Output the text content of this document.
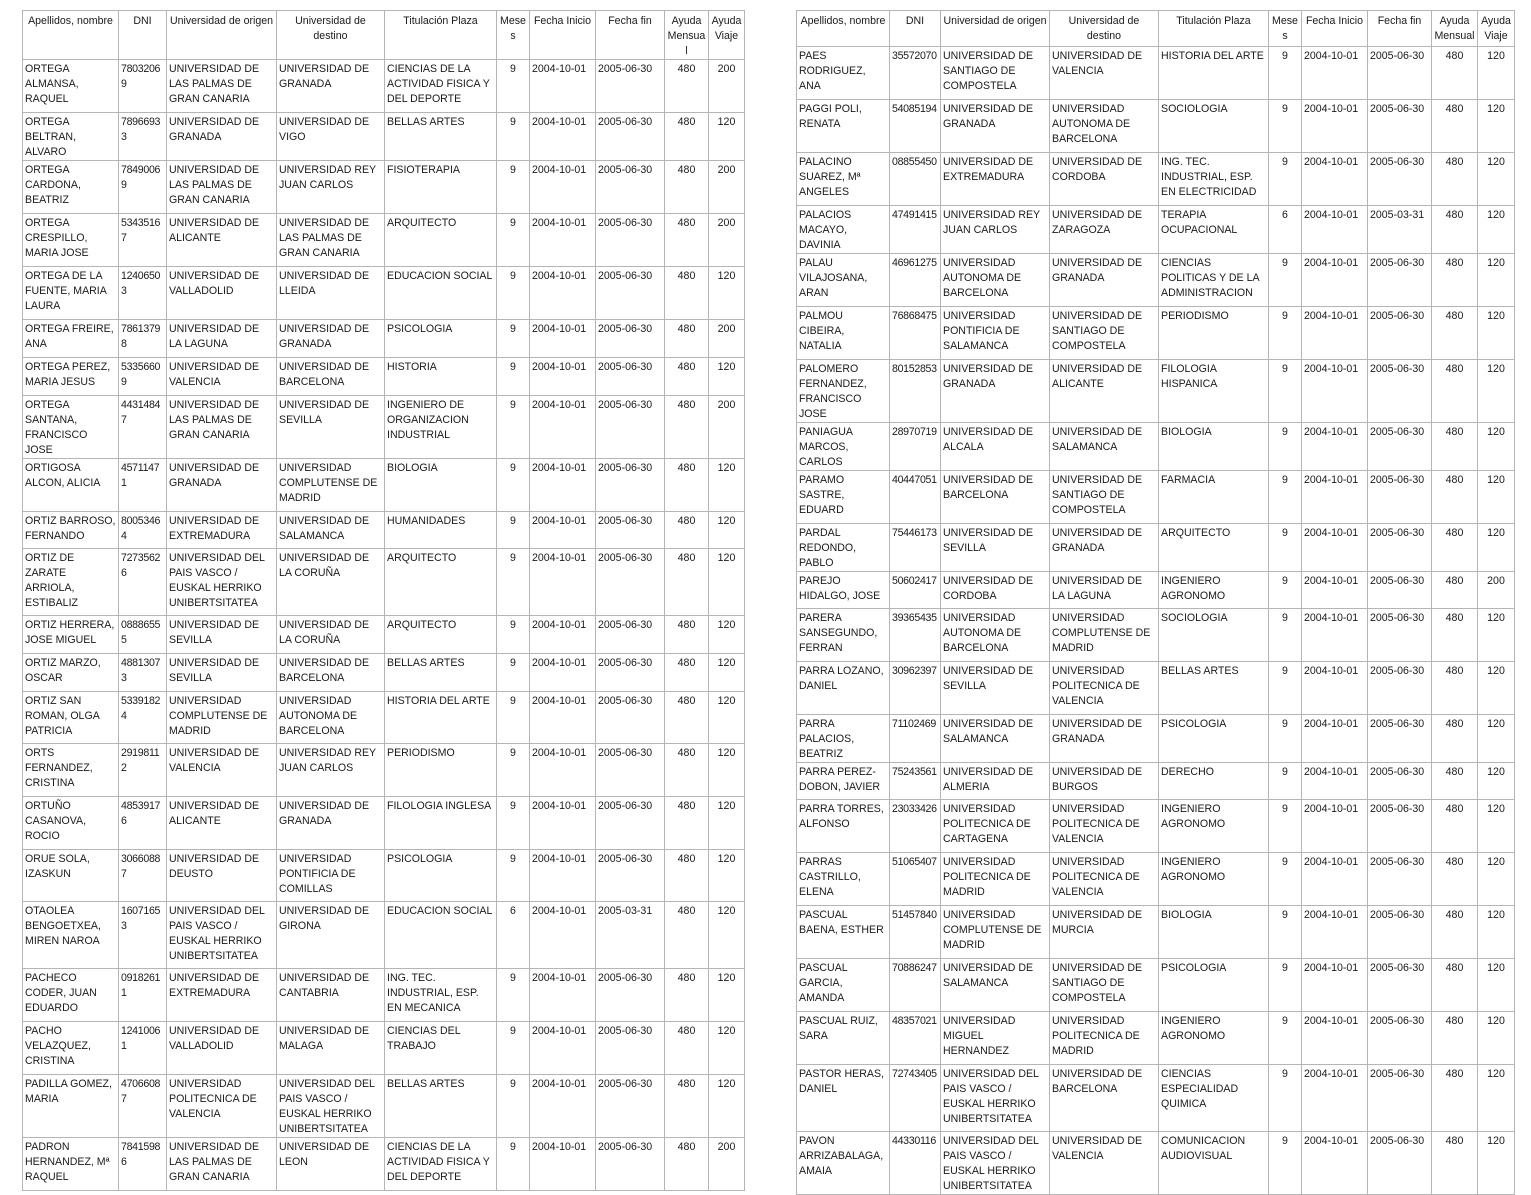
Apellidos, nombre	DNI	Universidad de origen	Universidad de destino	Titulación Plaza	Meses	Fecha Inicio	Fecha fin	Ayuda Mensual	Ayuda Viaje
ORTEGA ALMANSA, RAQUEL	78032069	UNIVERSIDAD DE LAS PALMAS DE GRAN CANARIA	UNIVERSIDAD DE GRANADA	CIENCIAS DE LA ACTIVIDAD FISICA Y DEL DEPORTE	9	2004-10-01	2005-06-30	480	200
ORTEGA BELTRAN, ALVARO	78966933	UNIVERSIDAD DE GRANADA	UNIVERSIDAD DE VIGO	BELLAS ARTES	9	2004-10-01	2005-06-30	480	120
ORTEGA CARDONA, BEATRIZ	78490069	UNIVERSIDAD DE LAS PALMAS DE GRAN CANARIA	UNIVERSIDAD REY JUAN CARLOS	FISIOTERAPIA	9	2004-10-01	2005-06-30	480	200
ORTEGA CRESPILLO, MARIA JOSE	53435167	UNIVERSIDAD DE ALICANTE	UNIVERSIDAD DE LAS PALMAS DE GRAN CANARIA	ARQUITECTO	9	2004-10-01	2005-06-30	480	200
ORTEGA DE LA FUENTE, MARIA LAURA	12406503	UNIVERSIDAD DE VALLADOLID	UNIVERSIDAD DE LLEIDA	EDUCACION SOCIAL	9	2004-10-01	2005-06-30	480	120
ORTEGA FREIRE, ANA	78613798	UNIVERSIDAD DE LA LAGUNA	UNIVERSIDAD DE GRANADA	PSICOLOGIA	9	2004-10-01	2005-06-30	480	200
ORTEGA PEREZ, MARIA JESUS	53356609	UNIVERSIDAD DE VALENCIA	UNIVERSIDAD DE BARCELONA	HISTORIA	9	2004-10-01	2005-06-30	480	120
ORTEGA SANTANA, FRANCISCO JOSE	44314847	UNIVERSIDAD DE LAS PALMAS DE GRAN CANARIA	UNIVERSIDAD DE SEVILLA	INGENIERO DE ORGANIZACION INDUSTRIAL	9	2004-10-01	2005-06-30	480	200
ORTIGOSA ALCON, ALICIA	45711471	UNIVERSIDAD DE GRANADA	UNIVERSIDAD COMPLUTENSE DE MADRID	BIOLOGIA	9	2004-10-01	2005-06-30	480	120
ORTIZ BARROSO, FERNANDO	80053464	UNIVERSIDAD DE EXTREMADURA	UNIVERSIDAD DE SALAMANCA	HUMANIDADES	9	2004-10-01	2005-06-30	480	120
ORTIZ DE ZARATE ARRIOLA, ESTIBALIZ	72735626	UNIVERSIDAD DEL PAIS VASCO / EUSKAL HERRIKO UNIBERTSITATEA	UNIVERSIDAD DE LA CORUÑA	ARQUITECTO	9	2004-10-01	2005-06-30	480	120
ORTIZ HERRERA, JOSE MIGUEL	08886555	UNIVERSIDAD DE SEVILLA	UNIVERSIDAD DE LA CORUÑA	ARQUITECTO	9	2004-10-01	2005-06-30	480	120
ORTIZ MARZO, OSCAR	48813073	UNIVERSIDAD DE SEVILLA	UNIVERSIDAD DE BARCELONA	BELLAS ARTES	9	2004-10-01	2005-06-30	480	120
ORTIZ SAN ROMAN, OLGA PATRICIA	53391824	UNIVERSIDAD COMPLUTENSE DE MADRID	UNIVERSIDAD AUTONOMA DE BARCELONA	HISTORIA DEL ARTE	9	2004-10-01	2005-06-30	480	120
ORTS FERNANDEZ, CRISTINA	29198112	UNIVERSIDAD DE VALENCIA	UNIVERSIDAD REY JUAN CARLOS	PERIODISMO	9	2004-10-01	2005-06-30	480	120
ORTUÑO CASANOVA, ROCIO	48539176	UNIVERSIDAD DE ALICANTE	UNIVERSIDAD DE GRANADA	FILOLOGIA INGLESA	9	2004-10-01	2005-06-30	480	120
ORUE SOLA, IZASKUN	30660887	UNIVERSIDAD DE DEUSTO	UNIVERSIDAD PONTIFICIA DE COMILLAS	PSICOLOGIA	9	2004-10-01	2005-06-30	480	120
OTAOLEA BENGOETXEA, MIREN NAROA	16071653	UNIVERSIDAD DEL PAIS VASCO / EUSKAL HERRIKO UNIBERTSITATEA	UNIVERSIDAD DE GIRONA	EDUCACION SOCIAL	6	2004-10-01	2005-03-31	480	120
PACHECO CODER, JUAN EDUARDO	09182611	UNIVERSIDAD DE EXTREMADURA	UNIVERSIDAD DE CANTABRIA	ING. TEC. INDUSTRIAL, ESP. EN MECANICA	9	2004-10-01	2005-06-30	480	120
PACHO VELAZQUEZ, CRISTINA	12410061	UNIVERSIDAD DE VALLADOLID	UNIVERSIDAD DE MALAGA	CIENCIAS DEL TRABAJO	9	2004-10-01	2005-06-30	480	120
PADILLA GOMEZ, MARIA	47066087	UNIVERSIDAD POLITECNICA DE VALENCIA	UNIVERSIDAD DEL PAIS VASCO / EUSKAL HERRIKO UNIBERTSITATEA	BELLAS ARTES	9	2004-10-01	2005-06-30	480	120
PADRON HERNANDEZ, Mª RAQUEL	78415986	UNIVERSIDAD DE LAS PALMAS DE GRAN CANARIA	UNIVERSIDAD DE LEON	CIENCIAS DE LA ACTIVIDAD FISICA Y DEL DEPORTE	9	2004-10-01	2005-06-30	480	200
Apellidos, nombre	DNI	Universidad de origen	Universidad de destino	Titulación Plaza	Meses	Fecha Inicio	Fecha fin	Ayuda Mensual	Ayuda Viaje
PAES RODRIGUEZ, ANA	35572070	UNIVERSIDAD DE SANTIAGO DE COMPOSTELA	UNIVERSIDAD DE VALENCIA	HISTORIA DEL ARTE	9	2004-10-01	2005-06-30	480	120
PAGGI POLI, RENATA	54085194	UNIVERSIDAD DE GRANADA	UNIVERSIDAD AUTONOMA DE BARCELONA	SOCIOLOGIA	9	2004-10-01	2005-06-30	480	120
PALACINO SUAREZ, Mª ANGELES	08855450	UNIVERSIDAD DE EXTREMADURA	UNIVERSIDAD DE CORDOBA	ING. TEC. INDUSTRIAL, ESP. EN ELECTRICIDAD	9	2004-10-01	2005-06-30	480	120
PALACIOS MACAYO, DAVINIA	47491415	UNIVERSIDAD REY JUAN CARLOS	UNIVERSIDAD DE ZARAGOZA	TERAPIA OCUPACIONAL	6	2004-10-01	2005-03-31	480	120
PALAU VILAJOSANA, ARAN	46961275	UNIVERSIDAD AUTONOMA DE BARCELONA	UNIVERSIDAD DE GRANADA	CIENCIAS POLITICAS Y DE LA ADMINISTRACION	9	2004-10-01	2005-06-30	480	120
PALMOU CIBEIRA, NATALIA	76868475	UNIVERSIDAD PONTIFICIA DE SALAMANCA	UNIVERSIDAD DE SANTIAGO DE COMPOSTELA	PERIODISMO	9	2004-10-01	2005-06-30	480	120
PALOMERO FERNANDEZ, FRANCISCO JOSE	80152853	UNIVERSIDAD DE GRANADA	UNIVERSIDAD DE ALICANTE	FILOLOGIA HISPANICA	9	2004-10-01	2005-06-30	480	120
PANIAGUA MARCOS, CARLOS	28970719	UNIVERSIDAD DE ALCALA	UNIVERSIDAD DE SALAMANCA	BIOLOGIA	9	2004-10-01	2005-06-30	480	120
PARAMO SASTRE, EDUARD	40447051	UNIVERSIDAD DE BARCELONA	UNIVERSIDAD DE SANTIAGO DE COMPOSTELA	FARMACIA	9	2004-10-01	2005-06-30	480	120
PARDAL REDONDO, PABLO	75446173	UNIVERSIDAD DE SEVILLA	UNIVERSIDAD DE GRANADA	ARQUITECTO	9	2004-10-01	2005-06-30	480	120
PAREJO HIDALGO, JOSE	50602417	UNIVERSIDAD DE CORDOBA	UNIVERSIDAD DE LA LAGUNA	INGENIERO AGRONOMO	9	2004-10-01	2005-06-30	480	200
PARERA SANSEGUNDO, FERRAN	39365435	UNIVERSIDAD AUTONOMA DE BARCELONA	UNIVERSIDAD COMPLUTENSE DE MADRID	SOCIOLOGIA	9	2004-10-01	2005-06-30	480	120
PARRA LOZANO, DANIEL	30962397	UNIVERSIDAD DE SEVILLA	UNIVERSIDAD POLITECNICA DE VALENCIA	BELLAS ARTES	9	2004-10-01	2005-06-30	480	120
PARRA PALACIOS, BEATRIZ	71102469	UNIVERSIDAD DE SALAMANCA	UNIVERSIDAD DE GRANADA	PSICOLOGIA	9	2004-10-01	2005-06-30	480	120
PARRA PEREZ-DOBON, JAVIER	75243561	UNIVERSIDAD DE ALMERIA	UNIVERSIDAD DE BURGOS	DERECHO	9	2004-10-01	2005-06-30	480	120
PARRA TORRES, ALFONSO	23033426	UNIVERSIDAD POLITECNICA DE CARTAGENA	UNIVERSIDAD POLITECNICA DE VALENCIA	INGENIERO AGRONOMO	9	2004-10-01	2005-06-30	480	120
PARRAS CASTRILLO, ELENA	51065407	UNIVERSIDAD POLITECNICA DE MADRID	UNIVERSIDAD POLITECNICA DE VALENCIA	INGENIERO AGRONOMO	9	2004-10-01	2005-06-30	480	120
PASCUAL BAENA, ESTHER	51457840	UNIVERSIDAD COMPLUTENSE DE MADRID	UNIVERSIDAD DE MURCIA	BIOLOGIA	9	2004-10-01	2005-06-30	480	120
PASCUAL GARCIA, AMANDA	70886247	UNIVERSIDAD DE SALAMANCA	UNIVERSIDAD DE SANTIAGO DE COMPOSTELA	PSICOLOGIA	9	2004-10-01	2005-06-30	480	120
PASCUAL RUIZ, SARA	48357021	UNIVERSIDAD MIGUEL HERNANDEZ	UNIVERSIDAD POLITECNICA DE MADRID	INGENIERO AGRONOMO	9	2004-10-01	2005-06-30	480	120
PASTOR HERAS, DANIEL	72743405	UNIVERSIDAD DEL PAIS VASCO / EUSKAL HERRIKO UNIBERTSITATEA	UNIVERSIDAD DE BARCELONA	CIENCIAS ESPECIALIDAD QUIMICA	9	2004-10-01	2005-06-30	480	120
PAVON ARRIZABALAGA, AMAIA	44330116	UNIVERSIDAD DEL PAIS VASCO / EUSKAL HERRIKO UNIBERTSITATEA	UNIVERSIDAD DE VALENCIA	COMUNICACION AUDIOVISUAL	9	2004-10-01	2005-06-30	480	120
